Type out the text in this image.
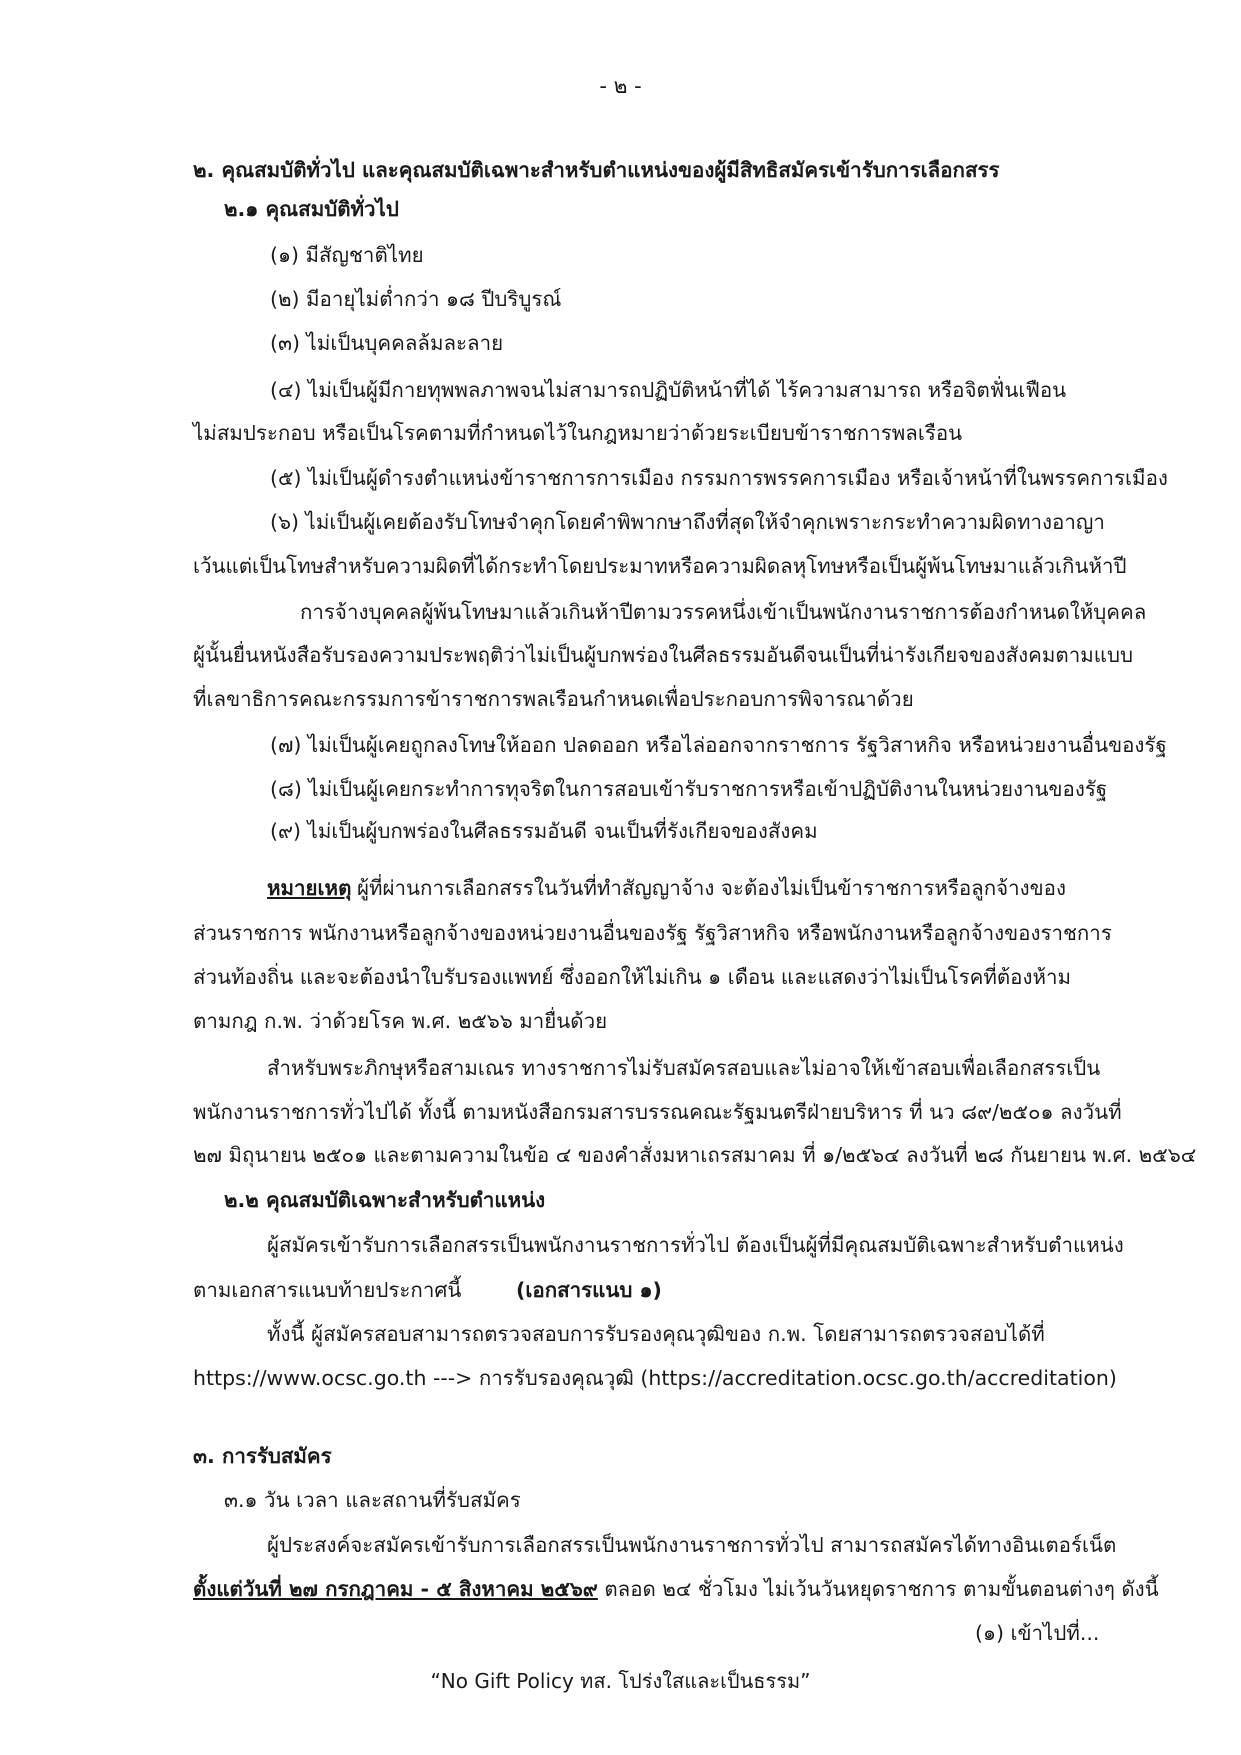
- ๒ -
๒. คุณสมบัติทั่วไป และคุณสมบัติเฉพาะสำหรับตำแหน่งของผู้มีสิทธิสมัครเข้ารับการเลือกสรร
๒.๑ คุณสมบัติทั่วไป
(๑) มีสัญชาติไทย
(๒) มีอายุไม่ต่ำกว่า ๑๘ ปีบริบูรณ์
(๓) ไม่เป็นบุคคลล้มละลาย
(๔) ไม่เป็นผู้มีกายทุพพลภาพจนไม่สามารถปฏิบัติหน้าที่ได้ ไร้ความสามารถ หรือจิตฟั่นเฟือน
ไม่สมประกอบ หรือเป็นโรคตามที่กำหนดไว้ในกฎหมายว่าด้วยระเบียบข้าราชการพลเรือน
(๕) ไม่เป็นผู้ดำรงตำแหน่งข้าราชการการเมือง กรรมการพรรคการเมือง หรือเจ้าหน้าที่ในพรรคการเมือง
(๖) ไม่เป็นผู้เคยต้องรับโทษจำคุกโดยคำพิพากษาถึงที่สุดให้จำคุกเพราะกระทำความผิดทางอาญา
เว้นแต่เป็นโทษสำหรับความผิดที่ได้กระทำโดยประมาทหรือความผิดลหุโทษหรือเป็นผู้พ้นโทษมาแล้วเกินห้าปี
การจ้างบุคคลผู้พ้นโทษมาแล้วเกินห้าปีตามวรรคหนึ่งเข้าเป็นพนักงานราชการต้องกำหนดให้บุคคล
ผู้นั้นยื่นหนังสือรับรองความประพฤติว่าไม่เป็นผู้บกพร่องในศีลธรรมอันดีจนเป็นที่น่ารังเกียจของสังคมตามแบบ
ที่เลขาธิการคณะกรรมการข้าราชการพลเรือนกำหนดเพื่อประกอบการพิจารณาด้วย
(๗) ไม่เป็นผู้เคยถูกลงโทษให้ออก ปลดออก หรือไล่ออกจากราชการ รัฐวิสาหกิจ หรือหน่วยงานอื่นของรัฐ
(๘) ไม่เป็นผู้เคยกระทำการทุจริตในการสอบเข้ารับราชการหรือเข้าปฏิบัติงานในหน่วยงานของรัฐ
(๙) ไม่เป็นผู้บกพร่องในศีลธรรมอันดี จนเป็นที่รังเกียจของสังคม
หมายเหตุ ผู้ที่ผ่านการเลือกสรรในวันที่ทำสัญญาจ้าง จะต้องไม่เป็นข้าราชการหรือลูกจ้างของ
ส่วนราชการ พนักงานหรือลูกจ้างของหน่วยงานอื่นของรัฐ รัฐวิสาหกิจ หรือพนักงานหรือลูกจ้างของราชการ
ส่วนท้องถิ่น และจะต้องนำใบรับรองแพทย์ ซึ่งออกให้ไม่เกิน ๑ เดือน และแสดงว่าไม่เป็นโรคที่ต้องห้าม
ตามกฎ ก.พ. ว่าด้วยโรค พ.ศ. ๒๕๖๖ มายื่นด้วย
สำหรับพระภิกษุหรือสามเณร ทางราชการไม่รับสมัครสอบและไม่อาจให้เข้าสอบเพื่อเลือกสรรเป็น
พนักงานราชการทั่วไปได้ ทั้งนี้ ตามหนังสือกรมสารบรรณคณะรัฐมนตรีฝ่ายบริหาร ที่ นว ๘๙/๒๕๐๑ ลงวันที่
๒๗ มิถุนายน ๒๕๐๑ และตามความในข้อ ๔ ของคำสั่งมหาเถรสมาคม ที่ ๑/๒๕๖๔ ลงวันที่ ๒๘ กันยายน พ.ศ. ๒๕๖๔
๒.๒ คุณสมบัติเฉพาะสำหรับตำแหน่ง
ผู้สมัครเข้ารับการเลือกสรรเป็นพนักงานราชการทั่วไป ต้องเป็นผู้ที่มีคุณสมบัติเฉพาะสำหรับตำแหน่ง
ตามเอกสารแนบท้ายประกาศนี้	(เอกสารแนบ ๑)
ทั้งนี้ ผู้สมัครสอบสามารถตรวจสอบการรับรองคุณวุฒิของ ก.พ. โดยสามารถตรวจสอบได้ที่
https://www.ocsc.go.th ---> การรับรองคุณวุฒิ (https://accreditation.ocsc.go.th/accreditation)
๓. การรับสมัคร
๓.๑ วัน เวลา และสถานที่รับสมัคร
ผู้ประสงค์จะสมัครเข้ารับการเลือกสรรเป็นพนักงานราชการทั่วไป สามารถสมัครได้ทางอินเตอร์เน็ต
ตั้งแต่วันที่ ๒๗ กรกฎาคม - ๕ สิงหาคม ๒๕๖๙ ตลอด ๒๔ ชั่วโมง ไม่เว้นวันหยุดราชการ ตามขั้นตอนต่างๆ ดังนี้
(๑) เข้าไปที่...
“No Gift Policy ทส. โปร่งใสและเป็นธรรม”
